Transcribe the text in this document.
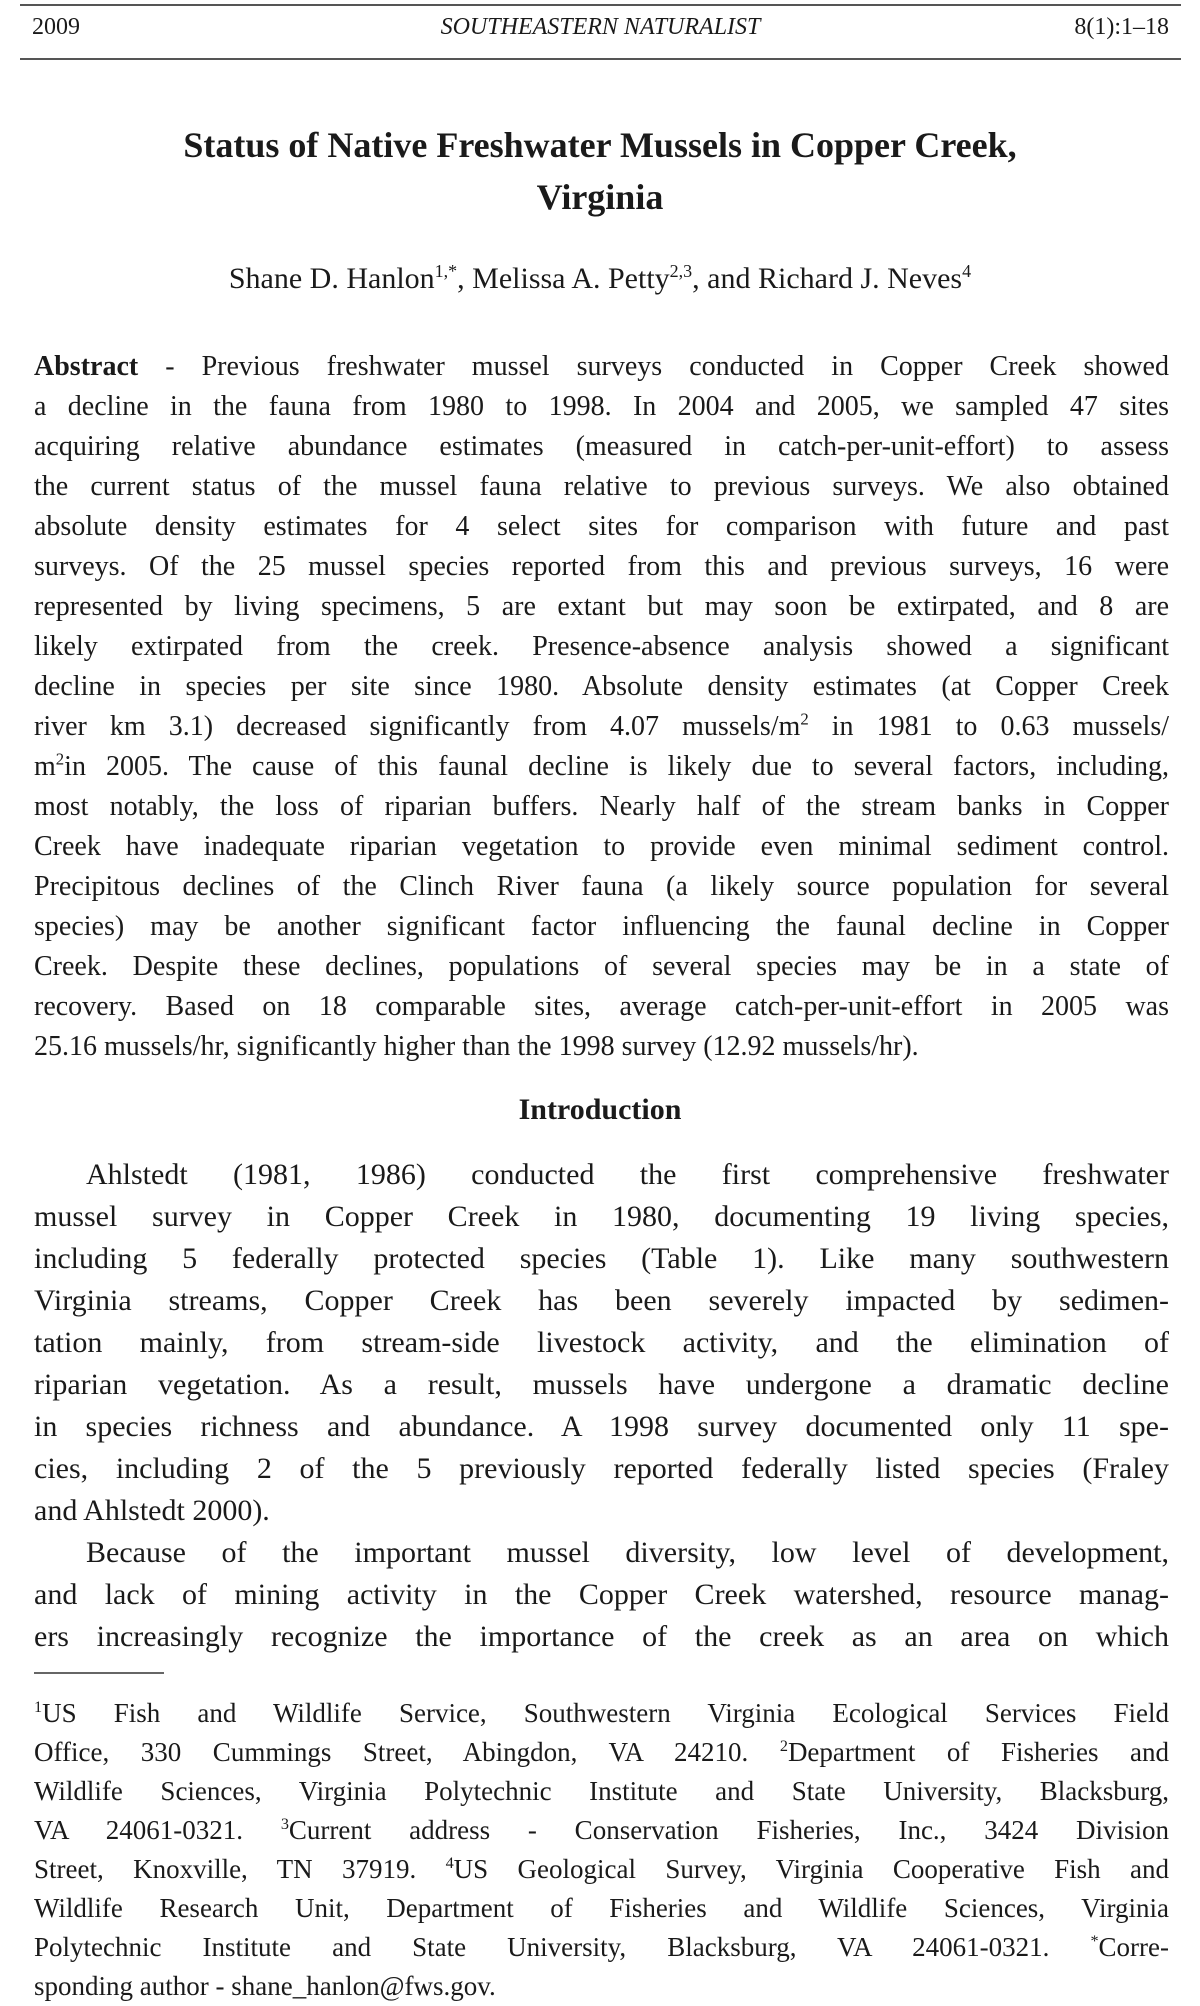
2009	SOUTHEASTERN NATURALIST	8(1):1–18
Status of Native Freshwater Mussels in Copper Creek,
Virginia
Shane D. Hanlon$^{1,*}$, Melissa A. Petty$^{2,3}$, and Richard J. Neves$^4$
Abstract - Previous freshwater mussel surveys conducted in Copper Creek showed
a decline in the fauna from 1980 to 1998. In 2004 and 2005, we sampled 47 sites
acquiring relative abundance estimates (measured in catch-per-unit-effort) to assess
the current status of the mussel fauna relative to previous surveys. We also obtained
absolute density estimates for 4 select sites for comparison with future and past
surveys. Of the 25 mussel species reported from this and previous surveys, 16 were
represented by living specimens, 5 are extant but may soon be extirpated, and 8 are
likely extirpated from the creek. Presence-absence analysis showed a significant
decline in species per site since 1980. Absolute density estimates (at Copper Creek
river km 3.1) decreased significantly from 4.07 mussels/$m^2$ in 1981 to 0.63 mussels/
$m^2in$ 2005. The cause of this faunal decline is likely due to several factors, including,
most notably, the loss of riparian buffers. Nearly half of the stream banks in Copper
Creek have inadequate riparian vegetation to provide even minimal sediment control.
Precipitous declines of the Clinch River fauna (a likely source population for several
species) may be another significant factor influencing the faunal decline in Copper
Creek. Despite these declines, populations of several species may be in a state of
recovery. Based on 18 comparable sites, average catch-per-unit-effort in 2005 was
25.16 mussels/hr, significantly higher than the 1998 survey (12.92 mussels/hr).
Introduction
Ahlstedt (1981, 1986) conducted the first comprehensive freshwater
mussel survey in Copper Creek in 1980, documenting 19 living species,
including 5 federally protected species (Table 1). Like many southwestern
Virginia streams, Copper Creek has been severely impacted by sedimen-
tation mainly, from stream-side livestock activity, and the elimination of
riparian vegetation. As a result, mussels have undergone a dramatic decline
in species richness and abundance. A 1998 survey documented only 11 spe-
cies, including 2 of the 5 previously reported federally listed species (Fraley
and Ahlstedt 2000).
Because of the important mussel diversity, low level of development,
and lack of mining activity in the Copper Creek watershed, resource manag-
ers increasingly recognize the importance of the creek as an area on which
$^1$US Fish and Wildlife Service, Southwestern Virginia Ecological Services Field
Office, 330 Cummings Street, Abingdon, VA 24210. $^2$Department of Fisheries and
Wildlife Sciences, Virginia Polytechnic Institute and State University, Blacksburg,
VA 24061-0321. $^3$Current address - Conservation Fisheries, Inc., 3424 Division
Street, Knoxville, TN 37919. $^4$US Geological Survey, Virginia Cooperative Fish and
Wildlife Research Unit, Department of Fisheries and Wildlife Sciences, Virginia
Polytechnic Institute and State University, Blacksburg, VA 24061-0321. *Corre-
sponding author - shane_hanlon@fws.gov.
